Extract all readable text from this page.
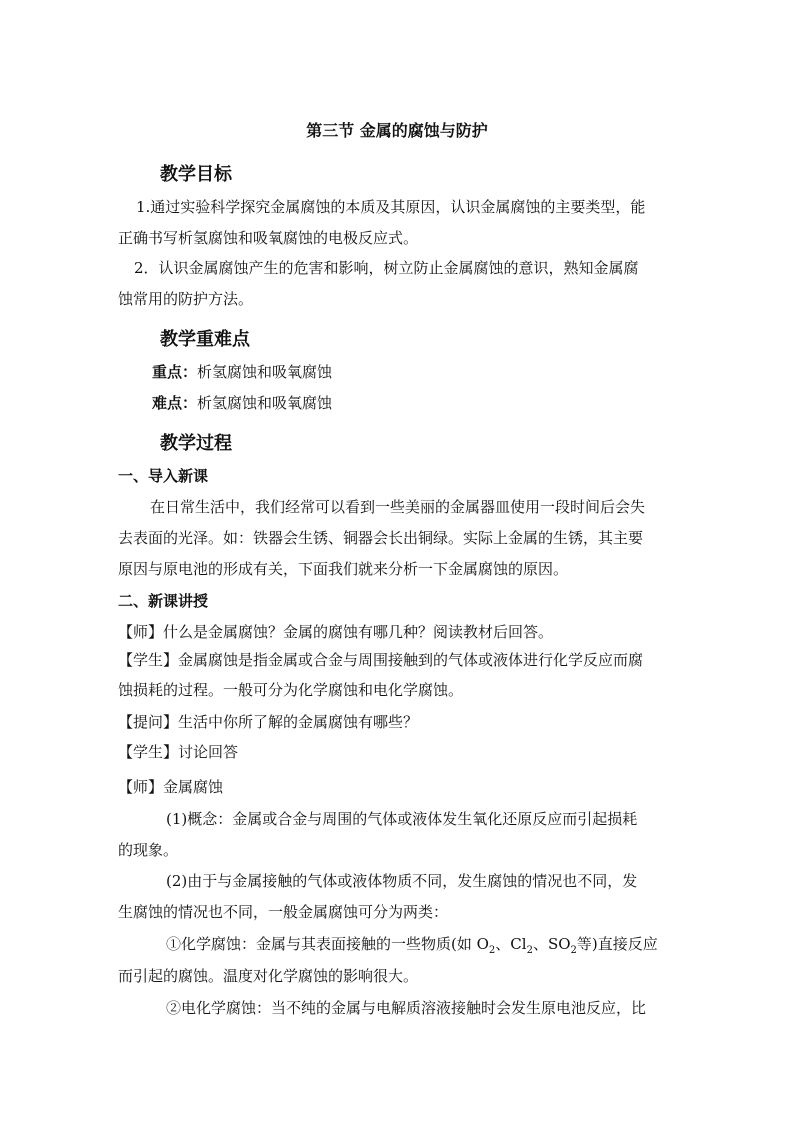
第三节 金属的腐蚀与防护
教学目标
1.通过实验科学探究金属腐蚀的本质及其原因，认识金属腐蚀的主要类型，能
正确书写析氢腐蚀和吸氧腐蚀的电极反应式。
2．认识金属腐蚀产生的危害和影响，树立防止金属腐蚀的意识，熟知金属腐
蚀常用的防护方法。
教学重难点
重点：析氢腐蚀和吸氧腐蚀
难点：析氢腐蚀和吸氧腐蚀
教学过程
一、导入新课
在日常生活中，我们经常可以看到一些美丽的金属器皿使用一段时间后会失
去表面的光泽。如：铁器会生锈、铜器会长出铜绿。实际上金属的生锈，其主要
原因与原电池的形成有关，下面我们就来分析一下金属腐蚀的原因。
二、新课讲授
【师】什么是金属腐蚀？金属的腐蚀有哪几种？阅读教材后回答。
【学生】金属腐蚀是指金属或合金与周围接触到的气体或液体进行化学反应而腐
蚀损耗的过程。一般可分为化学腐蚀和电化学腐蚀。
【提问】生活中你所了解的金属腐蚀有哪些？
【学生】讨论回答
【师】金属腐蚀
(1)概念：金属或合金与周围的气体或液体发生氧化还原反应而引起损耗
的现象。
(2)由于与金属接触的气体或液体物质不同，发生腐蚀的情况也不同，发
生腐蚀的情况也不同，一般金属腐蚀可分为两类：
①化学腐蚀：金属与其表面接触的一些物质(如 $O_2$、$Cl_2$、$SO_2$等)直接反应
而引起的腐蚀。温度对化学腐蚀的影响很大。
②电化学腐蚀：当不纯的金属与电解质溶液接触时会发生原电池反应，比
